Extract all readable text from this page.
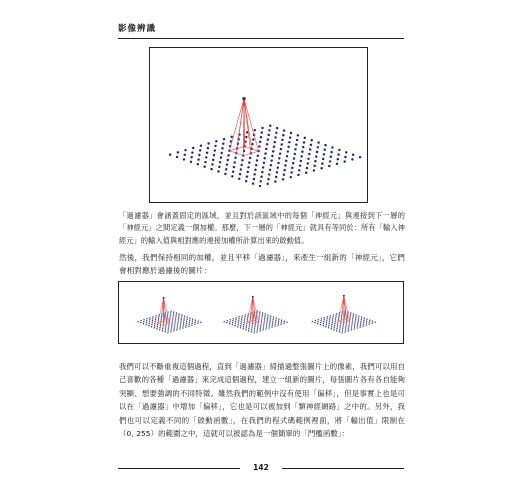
影像辨識

「過濾器」會涵蓋固定的區域，並且對於該區域中的每個「神經元」與連接到下一層的「神經元」之間定義一個加權。那麼，下一層的「神經元」就具有等同於：所有「輸入神經元」的輸入值與相對應的連接加權所計算出來的啟動值。

然後，我們保持相同的加權，並且平移「過濾器」，來產生一組新的「神經元」，它們會相對應於過濾後的圖片：

我們可以不斷重複這個過程，直到「過濾器」掃描過整張圖片上的像素，我們可以用自己喜歡的各種「過濾器」來完成這個過程，建立一組新的圖片，每張圖片各有各自能夠突顯、想要強調的不同特徵。雖然我們的範例中沒有使用「偏移」，但是事實上也是可以在「過濾器」中增加「偏移」，它也是可以被加到「類神經網路」之中的。另外，我們也可以定義不同的「啟動函數」，在我們的程式碼範例裡面，將「輸出值」限制在（0, 255）的範圍之中，這就可以被認為是一個簡單的「門檻函數」：

142
